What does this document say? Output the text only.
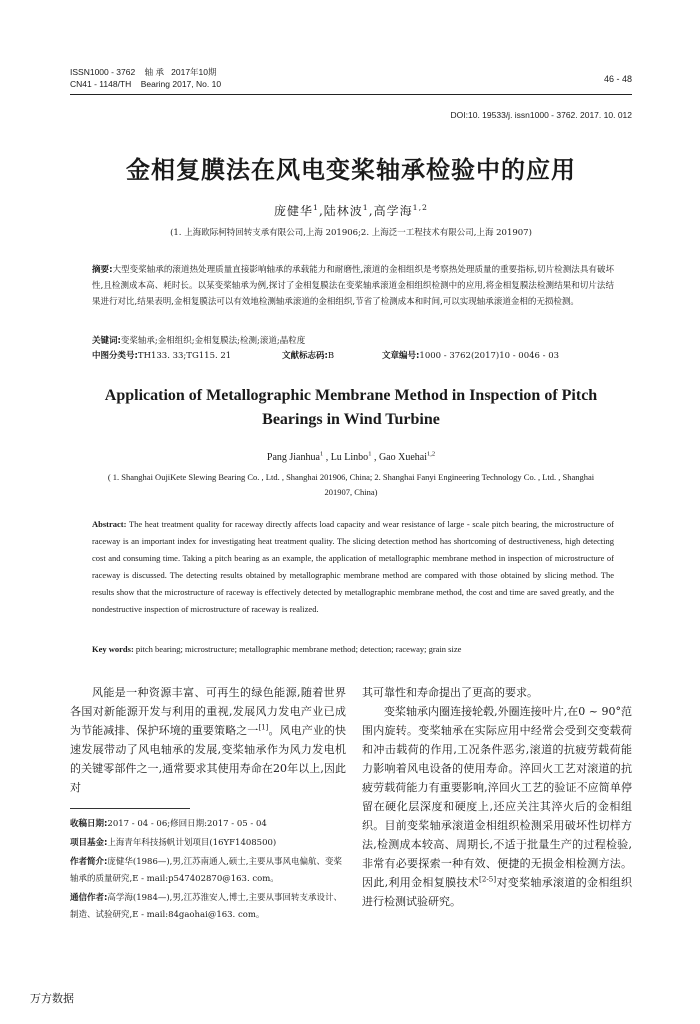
ISSN1000 - 3762 轴 承 2017年10期
CN41 - 1148/TH Bearing 2017, No. 10	46 - 48
DOI:10. 19533/j. issn1000 - 3762. 2017. 10. 012
金相复膜法在风电变桨轴承检验中的应用
庞健华$^1$,陆林波$^1$,高学海$^{1,2}$
(1. 上海欧际柯特回转支承有限公司,上海 201906;2. 上海泛一工程技术有限公司,上海 201907)
摘要:大型变桨轴承的滚道热处理质量直接影响轴承的承载能力和耐磨性,滚道的金相组织是考察热处理质量的重要指标,切片检测法具有破坏性,且检测成本高、耗时长。以某变桨轴承为例,探讨了金相复膜法在变桨轴承滚道金相组织检测中的应用,将金相复膜法检测结果和切片法结果进行对比,结果表明,金相复膜法可以有效地检测轴承滚道的金相组织,节省了检测成本和时间,可以实现轴承滚道金相的无损检测。
关键词:变桨轴承;金相组织;金相复膜法;检测;滚道;晶粒度
中图分类号:TH133. 33;TG115. 21	文献标志码:B	文章编号:1000 - 3762(2017)10 - 0046 - 03
Application of Metallographic Membrane Method in Inspection of Pitch Bearings in Wind Turbine
Pang Jianhua$^1$ , Lu Linbo$^1$ , Gao Xuehai$^{1,2}$
( 1. Shanghai OujiKete Slewing Bearing Co. , Ltd. , Shanghai 201906, China; 2. Shanghai Fanyi Engineering Technology Co. , Ltd. , Shanghai 201907, China)
Abstract: The heat treatment quality for raceway directly affects load capacity and wear resistance of large - scale pitch bearing, the microstructure of raceway is an important index for investigating heat treatment quality. The slicing detection method has shortcoming of destructiveness, high detecting cost and consuming time. Taking a pitch bearing as an example, the application of metallographic membrane method in inspection of microstructure of raceway is discussed. The detecting results obtained by metallographic membrane method are compared with those obtained by slicing method. The results show that the microstructure of raceway is effectively detected by metallographic membrane method, the cost and time are saved greatly, and the nondestructive inspection of microstructure of raceway is realized.
Key words: pitch bearing; microstructure; metallographic membrane method; detection; raceway; grain size

风能是一种资源丰富、可再生的绿色能源,随着世界各国对新能源开发与利用的重视,发展风力发电产业已成为节能减排、保护环境的重要策略之一[1]。风电产业的快速发展带动了风电轴承的发展,变桨轴承作为风力发电机的关键零部件之一,通常要求其使用寿命在20年以上,因此对

收稿日期:2017 - 04 - 06;修回日期:2017 - 05 - 04

项目基金:上海青年科技扬帆计划项目(16YF1408500)

作者简介:庞健华(1986—),男,江苏南通人,硕士,主要从事风电偏航、变桨轴承的质量研究,E - mail:p547402870@163. com。

通信作者:高学海(1984—),男,江苏淮安人,博士,主要从事回转支承设计、制造、试验研究,E - mail:84gaohai@163. com。

其可靠性和寿命提出了更高的要求。

变桨轴承内圈连接轮毂,外圈连接叶片,在0 ~ 90°范围内旋转。变桨轴承在实际应用中经常会受到交变载荷和冲击载荷的作用,工况条件恶劣,滚道的抗疲劳载荷能力影响着风电设备的使用寿命。淬回火工艺对滚道的抗疲劳载荷能力有重要影响,淬回火工艺的验证不应简单停留在硬化层深度和硬度上,还应关注其淬火后的金相组织。目前变桨轴承滚道金相组织检测采用破坏性切样方法,检测成本较高、周期长,不适于批量生产的过程检验,非常有必要探索一种有效、便捷的无损金相检测方法。因此,利用金相复膜技术[2-5]对变桨轴承滚道的金相组织进行检测试验研究。

万方数据
